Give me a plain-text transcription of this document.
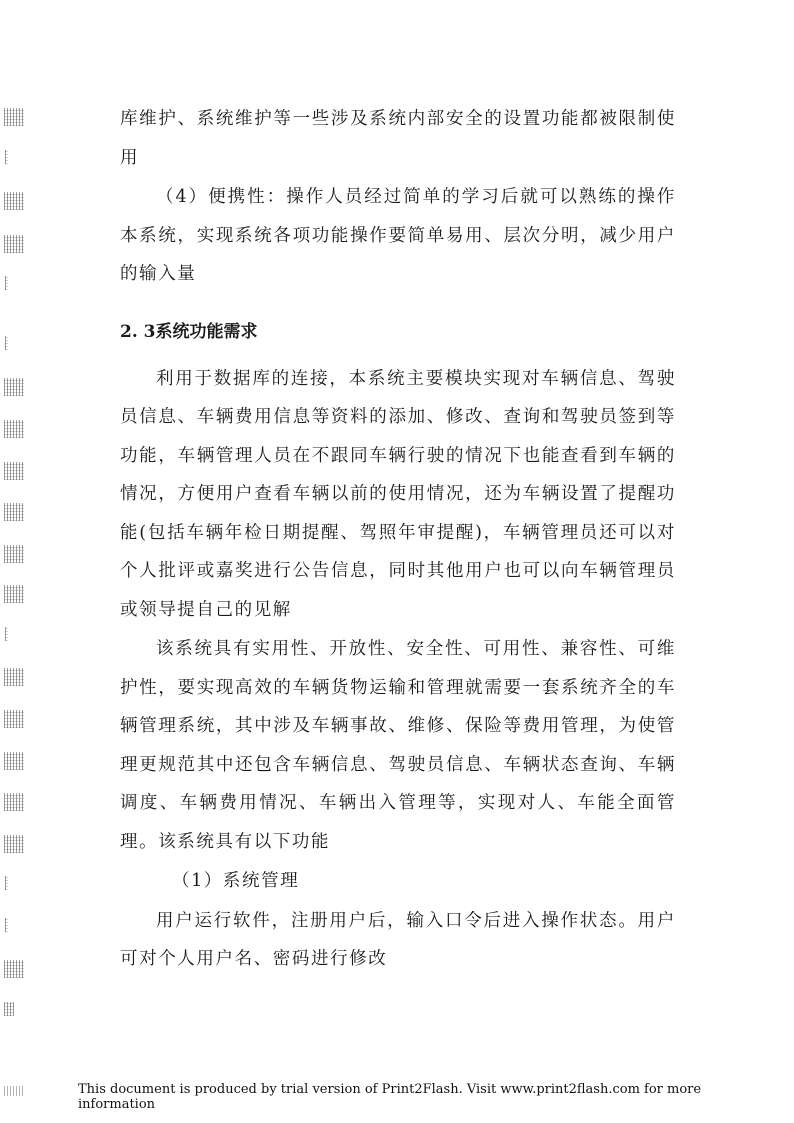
库维护、系统维护等一些涉及系统内部安全的设置功能都被限制使用

（4）便携性：操作人员经过简单的学习后就可以熟练的操作本系统，实现系统各项功能操作要简单易用、层次分明，减少用户的输入量

2. 3系统功能需求

利用于数据库的连接，本系统主要模块实现对车辆信息、驾驶员信息、车辆费用信息等资料的添加、修改、查询和驾驶员签到等功能，车辆管理人员在不跟同车辆行驶的情况下也能查看到车辆的情况，方便用户查看车辆以前的使用情况，还为车辆设置了提醒功能(包括车辆年检日期提醒、驾照年审提醒)，车辆管理员还可以对个人批评或嘉奖进行公告信息，同时其他用户也可以向车辆管理员或领导提自己的见解

该系统具有实用性、开放性、安全性、可用性、兼容性、可维护性，要实现高效的车辆货物运输和管理就需要一套系统齐全的车辆管理系统，其中涉及车辆事故、维修、保险等费用管理，为使管理更规范其中还包含车辆信息、驾驶员信息、车辆状态查询、车辆调度、车辆费用情况、车辆出入管理等，实现对人、车能全面管理。该系统具有以下功能

（1）系统管理

用户运行软件，注册用户后，输入口令后进入操作状态。用户可对个人用户名、密码进行修改

This document is produced by trial version of Print2Flash. Visit www.print2flash.com for more information
